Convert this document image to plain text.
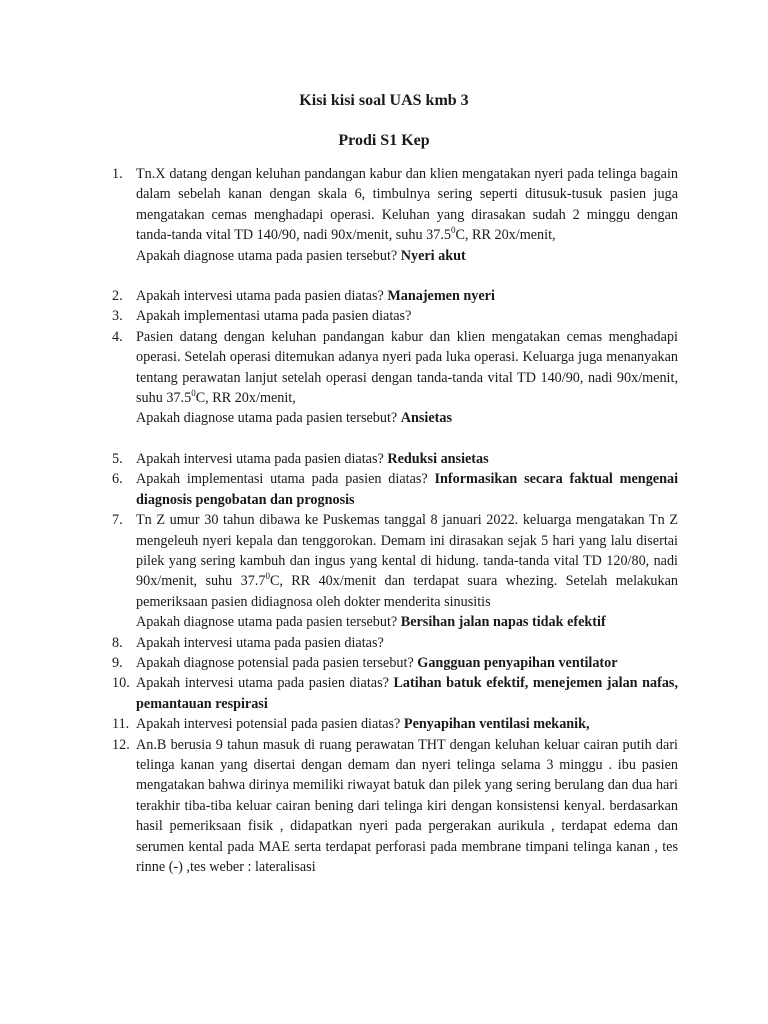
Kisi kisi soal UAS kmb 3
Prodi S1 Kep
1. Tn.X datang dengan keluhan pandangan kabur dan klien mengatakan nyeri pada telinga bagain dalam sebelah kanan dengan skala 6, timbulnya sering seperti ditusuk-tusuk pasien juga mengatakan cemas menghadapi operasi. Keluhan yang dirasakan sudah 2 minggu dengan tanda-tanda vital TD 140/90, nadi 90x/menit, suhu 37.5$^0$C, RR 20x/menit,
Apakah diagnose utama pada pasien tersebut? Nyeri akut
2. Apakah intervesi utama pada pasien diatas? Manajemen nyeri
3. Apakah implementasi utama pada pasien diatas?
4. Pasien datang dengan keluhan pandangan kabur dan klien mengatakan cemas menghadapi operasi. Setelah operasi ditemukan adanya nyeri pada luka operasi. Keluarga juga menanyakan tentang perawatan lanjut setelah operasi dengan tanda-tanda vital TD 140/90, nadi 90x/menit, suhu 37.5$^0$C, RR 20x/menit,
Apakah diagnose utama pada pasien tersebut? Ansietas
5. Apakah intervesi utama pada pasien diatas? Reduksi ansietas
6. Apakah implementasi utama pada pasien diatas? Informasikan secara faktual mengenai diagnosis pengobatan dan prognosis
7. Tn Z umur 30 tahun dibawa ke Puskemas tanggal 8 januari 2022. keluarga mengatakan Tn Z mengeleuh nyeri kepala dan tenggorokan. Demam ini dirasakan sejak 5 hari yang lalu disertai pilek yang sering kambuh dan ingus yang kental di hidung. tanda-tanda vital TD 120/80, nadi 90x/menit, suhu 37.7$^0$C, RR 40x/menit dan terdapat suara whezing. Setelah melakukan pemeriksaan pasien didiagnosa oleh dokter menderita sinusitis
Apakah diagnose utama pada pasien tersebut? Bersihan jalan napas tidak efektif
8. Apakah intervesi utama pada pasien diatas?
9. Apakah diagnose potensial pada pasien tersebut? Gangguan penyapihan ventilator
10. Apakah intervesi utama pada pasien diatas? Latihan batuk efektif, menejemen jalan nafas, pemantauan respirasi
11. Apakah intervesi potensial pada pasien diatas? Penyapihan ventilasi mekanik,
12. An.B berusia 9 tahun masuk di ruang perawatan THT dengan keluhan keluar cairan putih dari telinga kanan yang disertai dengan demam dan nyeri telinga selama 3 minggu . ibu pasien mengatakan bahwa dirinya memiliki riwayat batuk dan pilek yang sering berulang dan dua hari terakhir tiba-tiba keluar cairan bening dari telinga kiri dengan konsistensi kenyal. berdasarkan hasil pemeriksaan fisik , didapatkan nyeri pada pergerakan aurikula , terdapat edema dan serumen kental pada MAE serta terdapat perforasi pada membrane timpani telinga kanan , tes rinne (-) ,tes weber : lateralisasi
